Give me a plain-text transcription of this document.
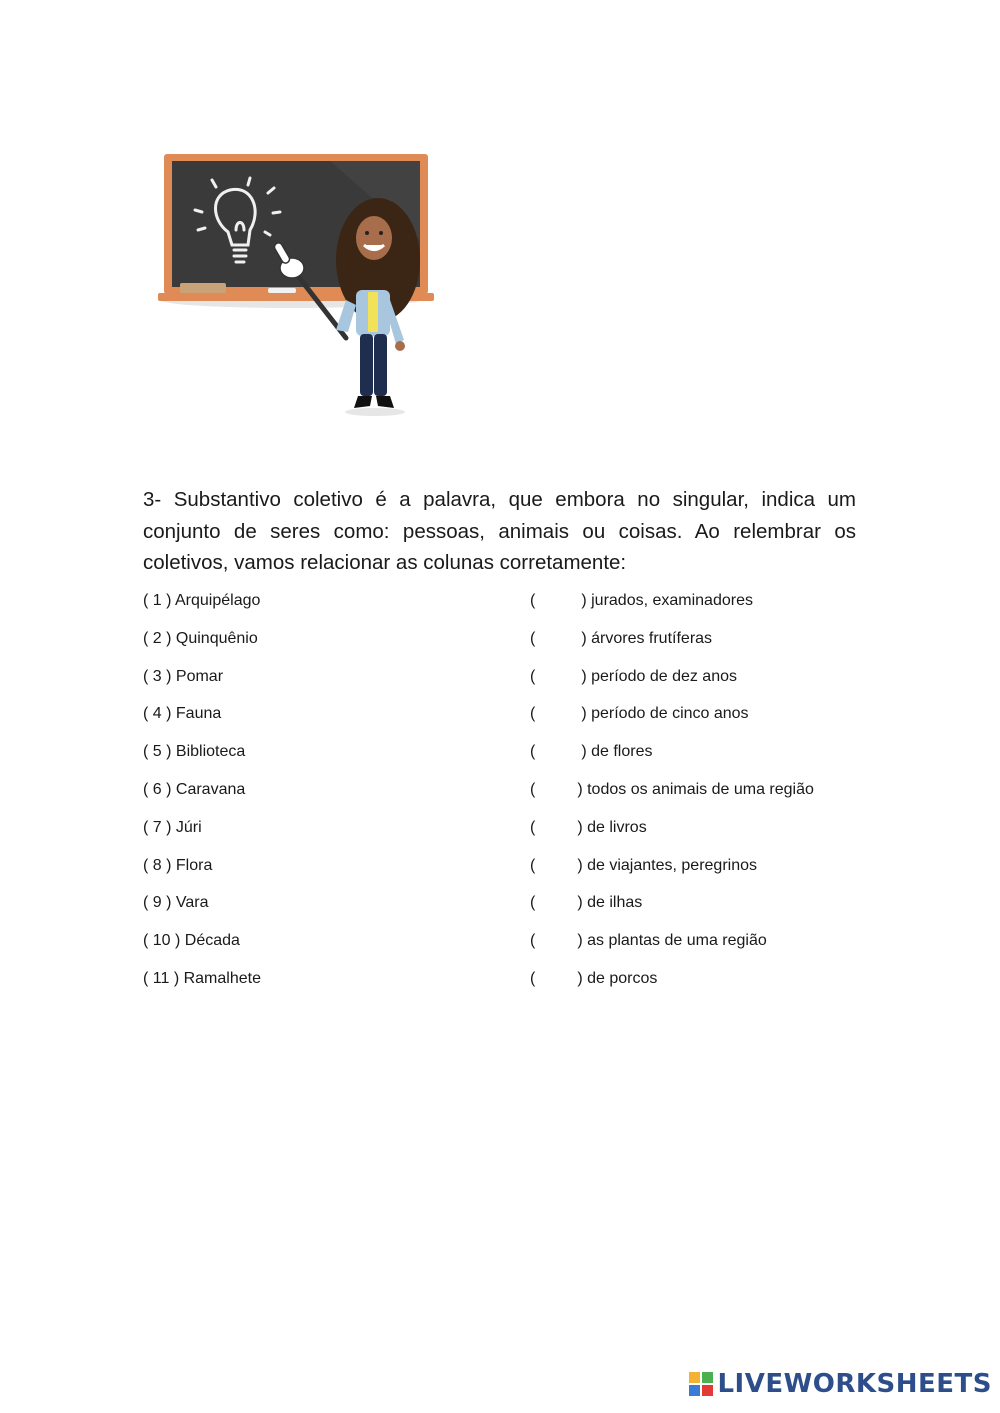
3- Substantivo coletivo é a palavra, que embora no singular, indica um conjunto de seres como: pessoas, animais ou coisas. Ao relembrar os coletivos, vamos relacionar as colunas corretamente:

( 1 ) Arquipélago	(	) jurados, examinadores
( 2 ) Quinquênio	(	) árvores frutíferas
( 3 ) Pomar	(	) período de dez anos
( 4 ) Fauna	(	) período de cinco anos
( 5 ) Biblioteca	(	) de flores
( 6 ) Caravana	(	) todos os animais de uma região
( 7 ) Júri	(	) de livros
( 8 ) Flora	(	) de viajantes, peregrinos
( 9 ) Vara	(	) de ilhas
( 10 ) Década	(	) as plantas de uma região
( 11 ) Ramalhete	(	) de porcos
LIVEWORKSHEETS
